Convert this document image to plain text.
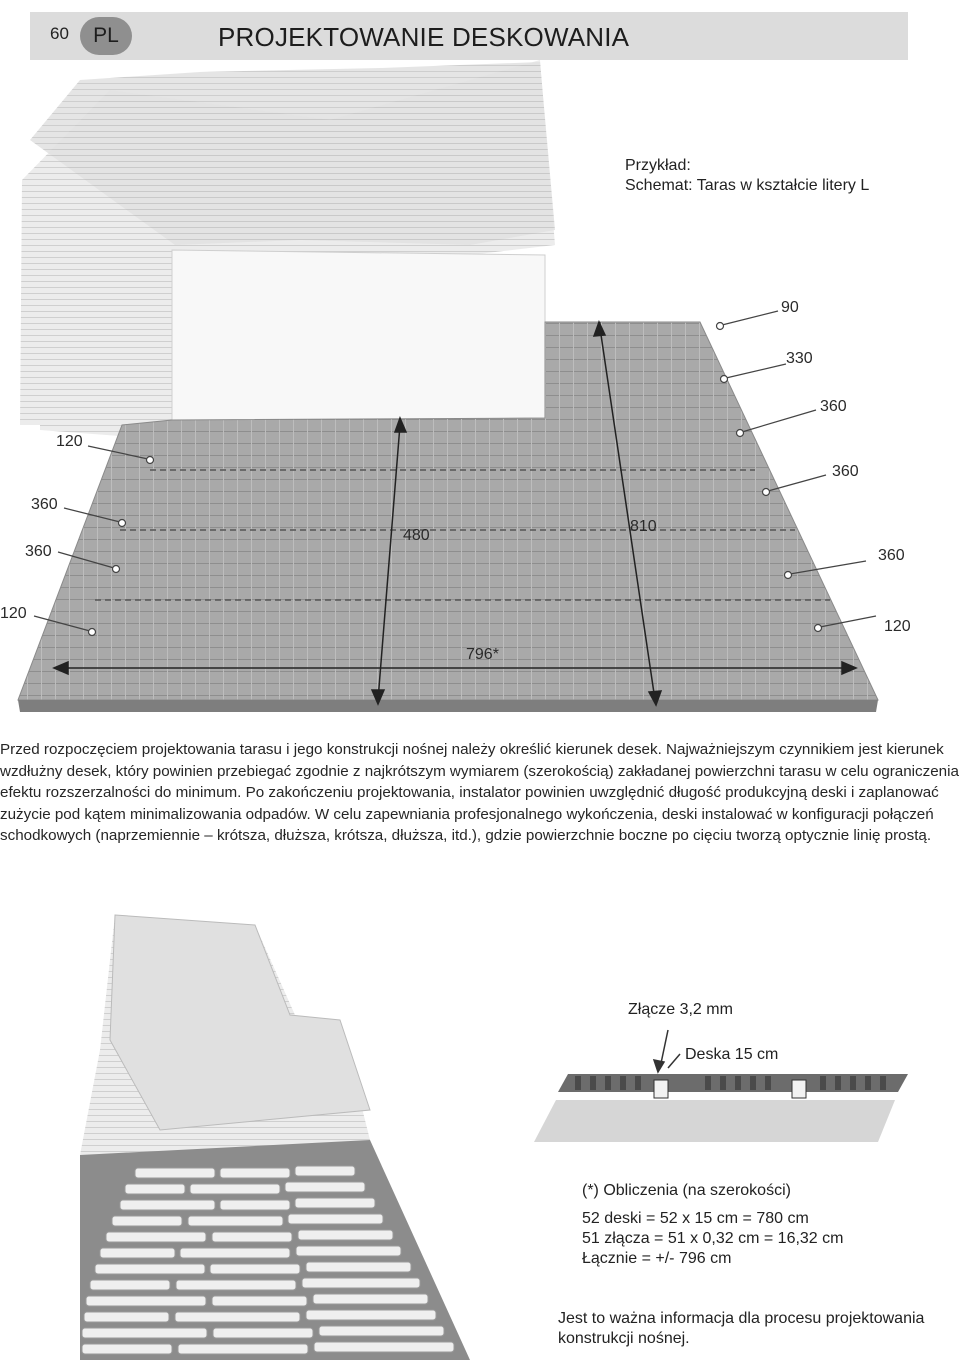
60	PL	PROJEKTOWANIE DESKOWANIA
Przykład:
Schemat: Taras w kształcie litery L
90
330
360
360
360
120
120
360
360
120
480
810
796*
Przed rozpoczęciem projektowania tarasu i jego konstrukcji nośnej należy określić kierunek desek. Najważniejszym czynnikiem jest kierunek wzdłużny desek, który powinien przebiegać zgodnie z najkrótszym wymiarem (szerokością) zakładanej powierzchni tarasu w celu ograniczenia efektu rozszerzalności do minimum. Po zakończeniu projektowania, instalator powinien uwzględnić długość produkcyjną deski i zaplanować zużycie pod kątem minimalizowania odpadów. W celu zapewniania profesjonalnego wykończenia, deski instalować w konfiguracji połączeń schodkowych (naprzemiennie – krótsza, dłuższa, krótsza, dłuższa, itd.), gdzie powierzchnie boczne po cięciu tworzą optycznie linię prostą.
Złącze 3,2 mm
Deska 15 cm
(*) Obliczenia (na szerokości)
52 deski = 52 x 15 cm = 780 cm
51 złącza = 51 x 0,32 cm = 16,32 cm
Łącznie = +/- 796 cm
Jest to ważna informacja dla procesu projektowania konstrukcji nośnej.
